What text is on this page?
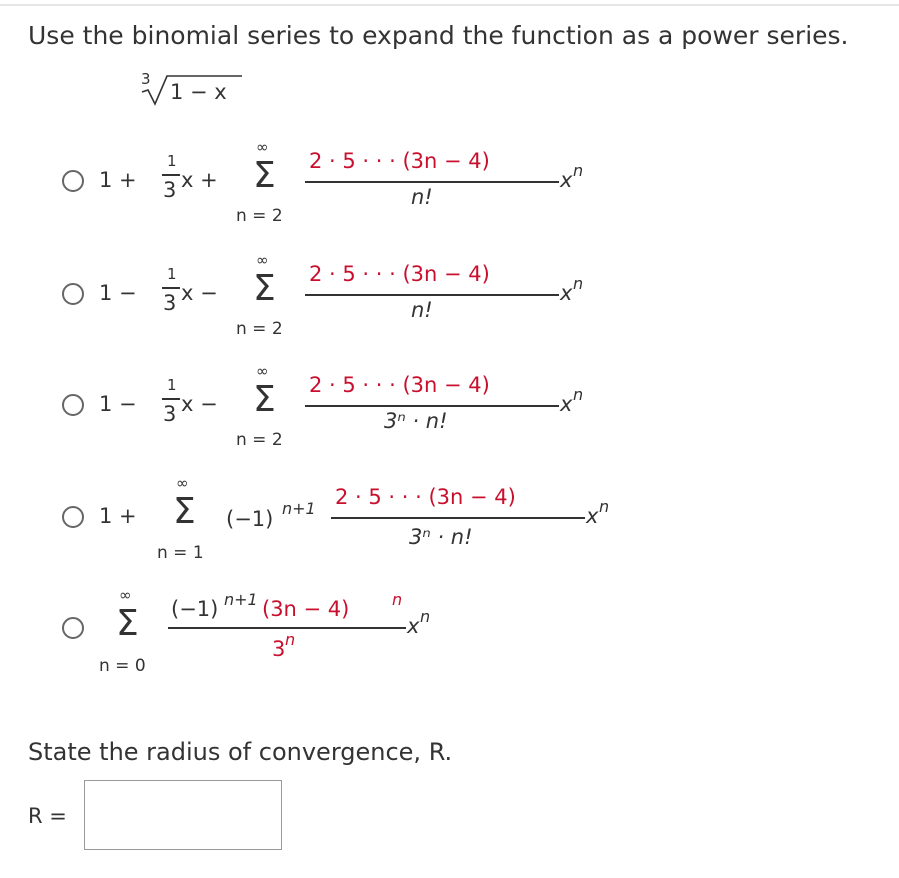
Use the binomial series to expand the function as a power series.
3
1 − x
1 +
1
3 x +
∞
Σ
n = 2
2 · 5 · · · (3n − 4)
n!
x n
1 −
1
3 x −
∞
Σ
n = 2
2 · 5 · · · (3n − 4)
n!
x n
1 −
1
3 x −
∞
Σ
n = 2
2 · 5 · · · (3n − 4)
3ⁿ · n!
x n
1 +
∞
Σ
n = 1
(−1) n+1 2 · 5 · · · (3n − 4)
3ⁿ · n!
x n
∞
Σ
n = 0
(−1) n+1 (3n − 4)	n
3 n
x n
State the radius of convergence, R.
R =
